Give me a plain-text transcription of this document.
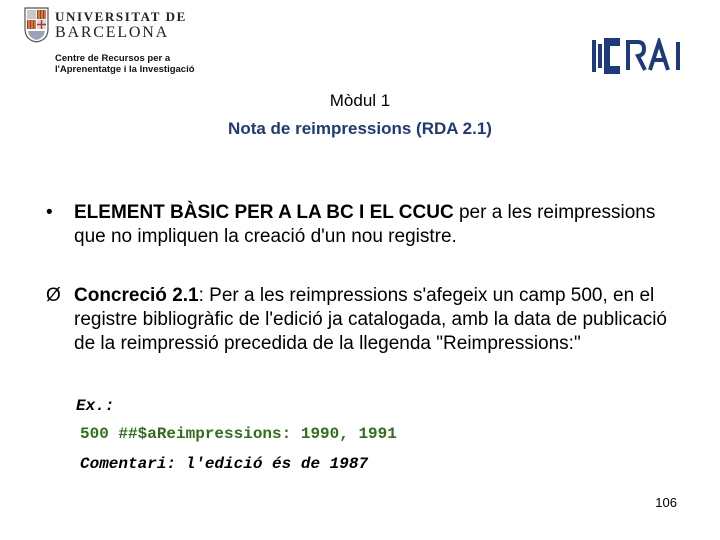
UNIVERSITAT DE
BARCELONA
Centre de Recursos per a
l'Aprenentatge i la Investigació
Mòdul 1
Nota de reimpressions (RDA 2.1)
•	ELEMENT BÀSIC PER A LA BC I EL CCUC per a les reimpressions que no impliquen la creació d'un nou registre.
Ø Concreció 2.1: Per a les reimpressions s'afegeix un camp 500, en el registre bibliogràfic de l'edició ja catalogada, amb la data de publicació de la reimpressió precedida de la llegenda "Reimpressions:"
Ex.:
500 ##$aReimpressions: 1990, 1991
Comentari: l'edició és de 1987
106
